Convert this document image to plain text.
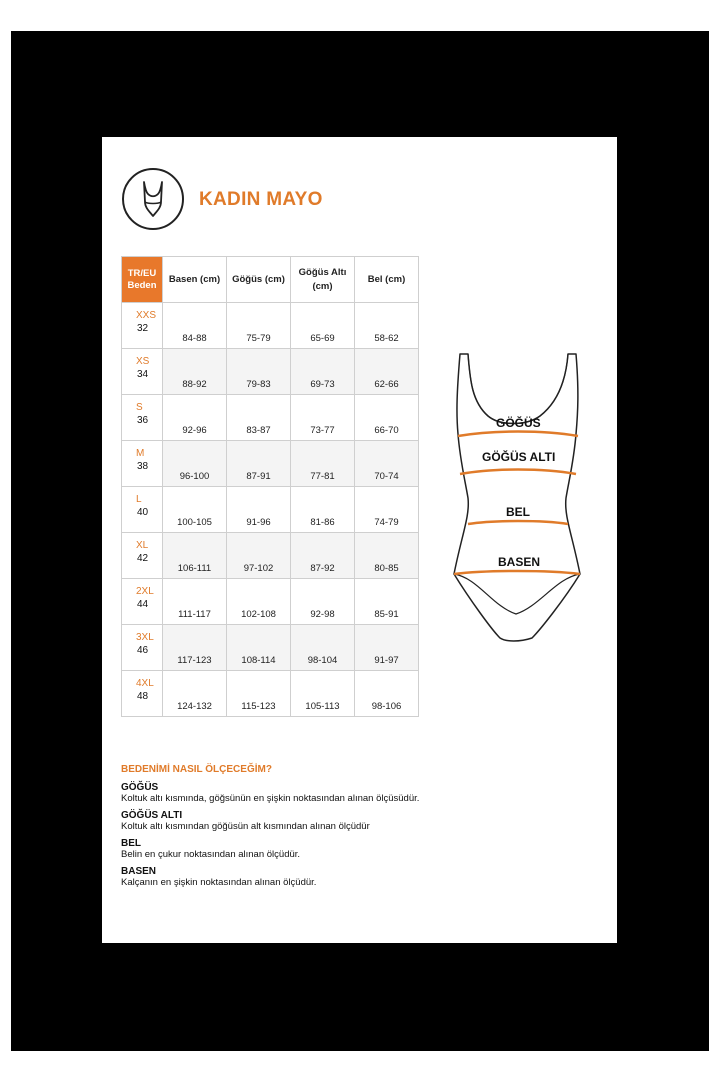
KADIN MAYO
TR/EU
Beden	Basen (cm)	Göğüs (cm)	Göğüs Altı (cm)	Bel (cm)

XXS
32	84-88	75-79	65-69	58-62

XS
34	88-92	79-83	69-73	62-66

S
36	92-96	83-87	73-77	66-70

M
38	96-100	87-91	77-81	70-74

L
40	100-105	91-96	81-86	74-79

XL
42	106-111	97-102	87-92	80-85

2XL
44	111-117	102-108	92-98	85-91

3XL
46	117-123	108-114	98-104	91-97

4XL
48	124-132	115-123	105-113	98-106
GÖĞÜS
GÖĞÜS ALTI
BEL
BASEN
BEDENİMİ NASIL ÖLÇECEĞİM?
GÖĞÜS
Koltuk altı kısmında, göğsünün en şişkin noktasından alınan ölçüsüdür.
GÖĞÜS ALTI
Koltuk altı kısmından göğüsün alt kısmından alınan ölçüdür
BEL
Belin en çukur noktasından alınan ölçüdür.
BASEN
Kalçanın en şişkin noktasından alınan ölçüdür.
